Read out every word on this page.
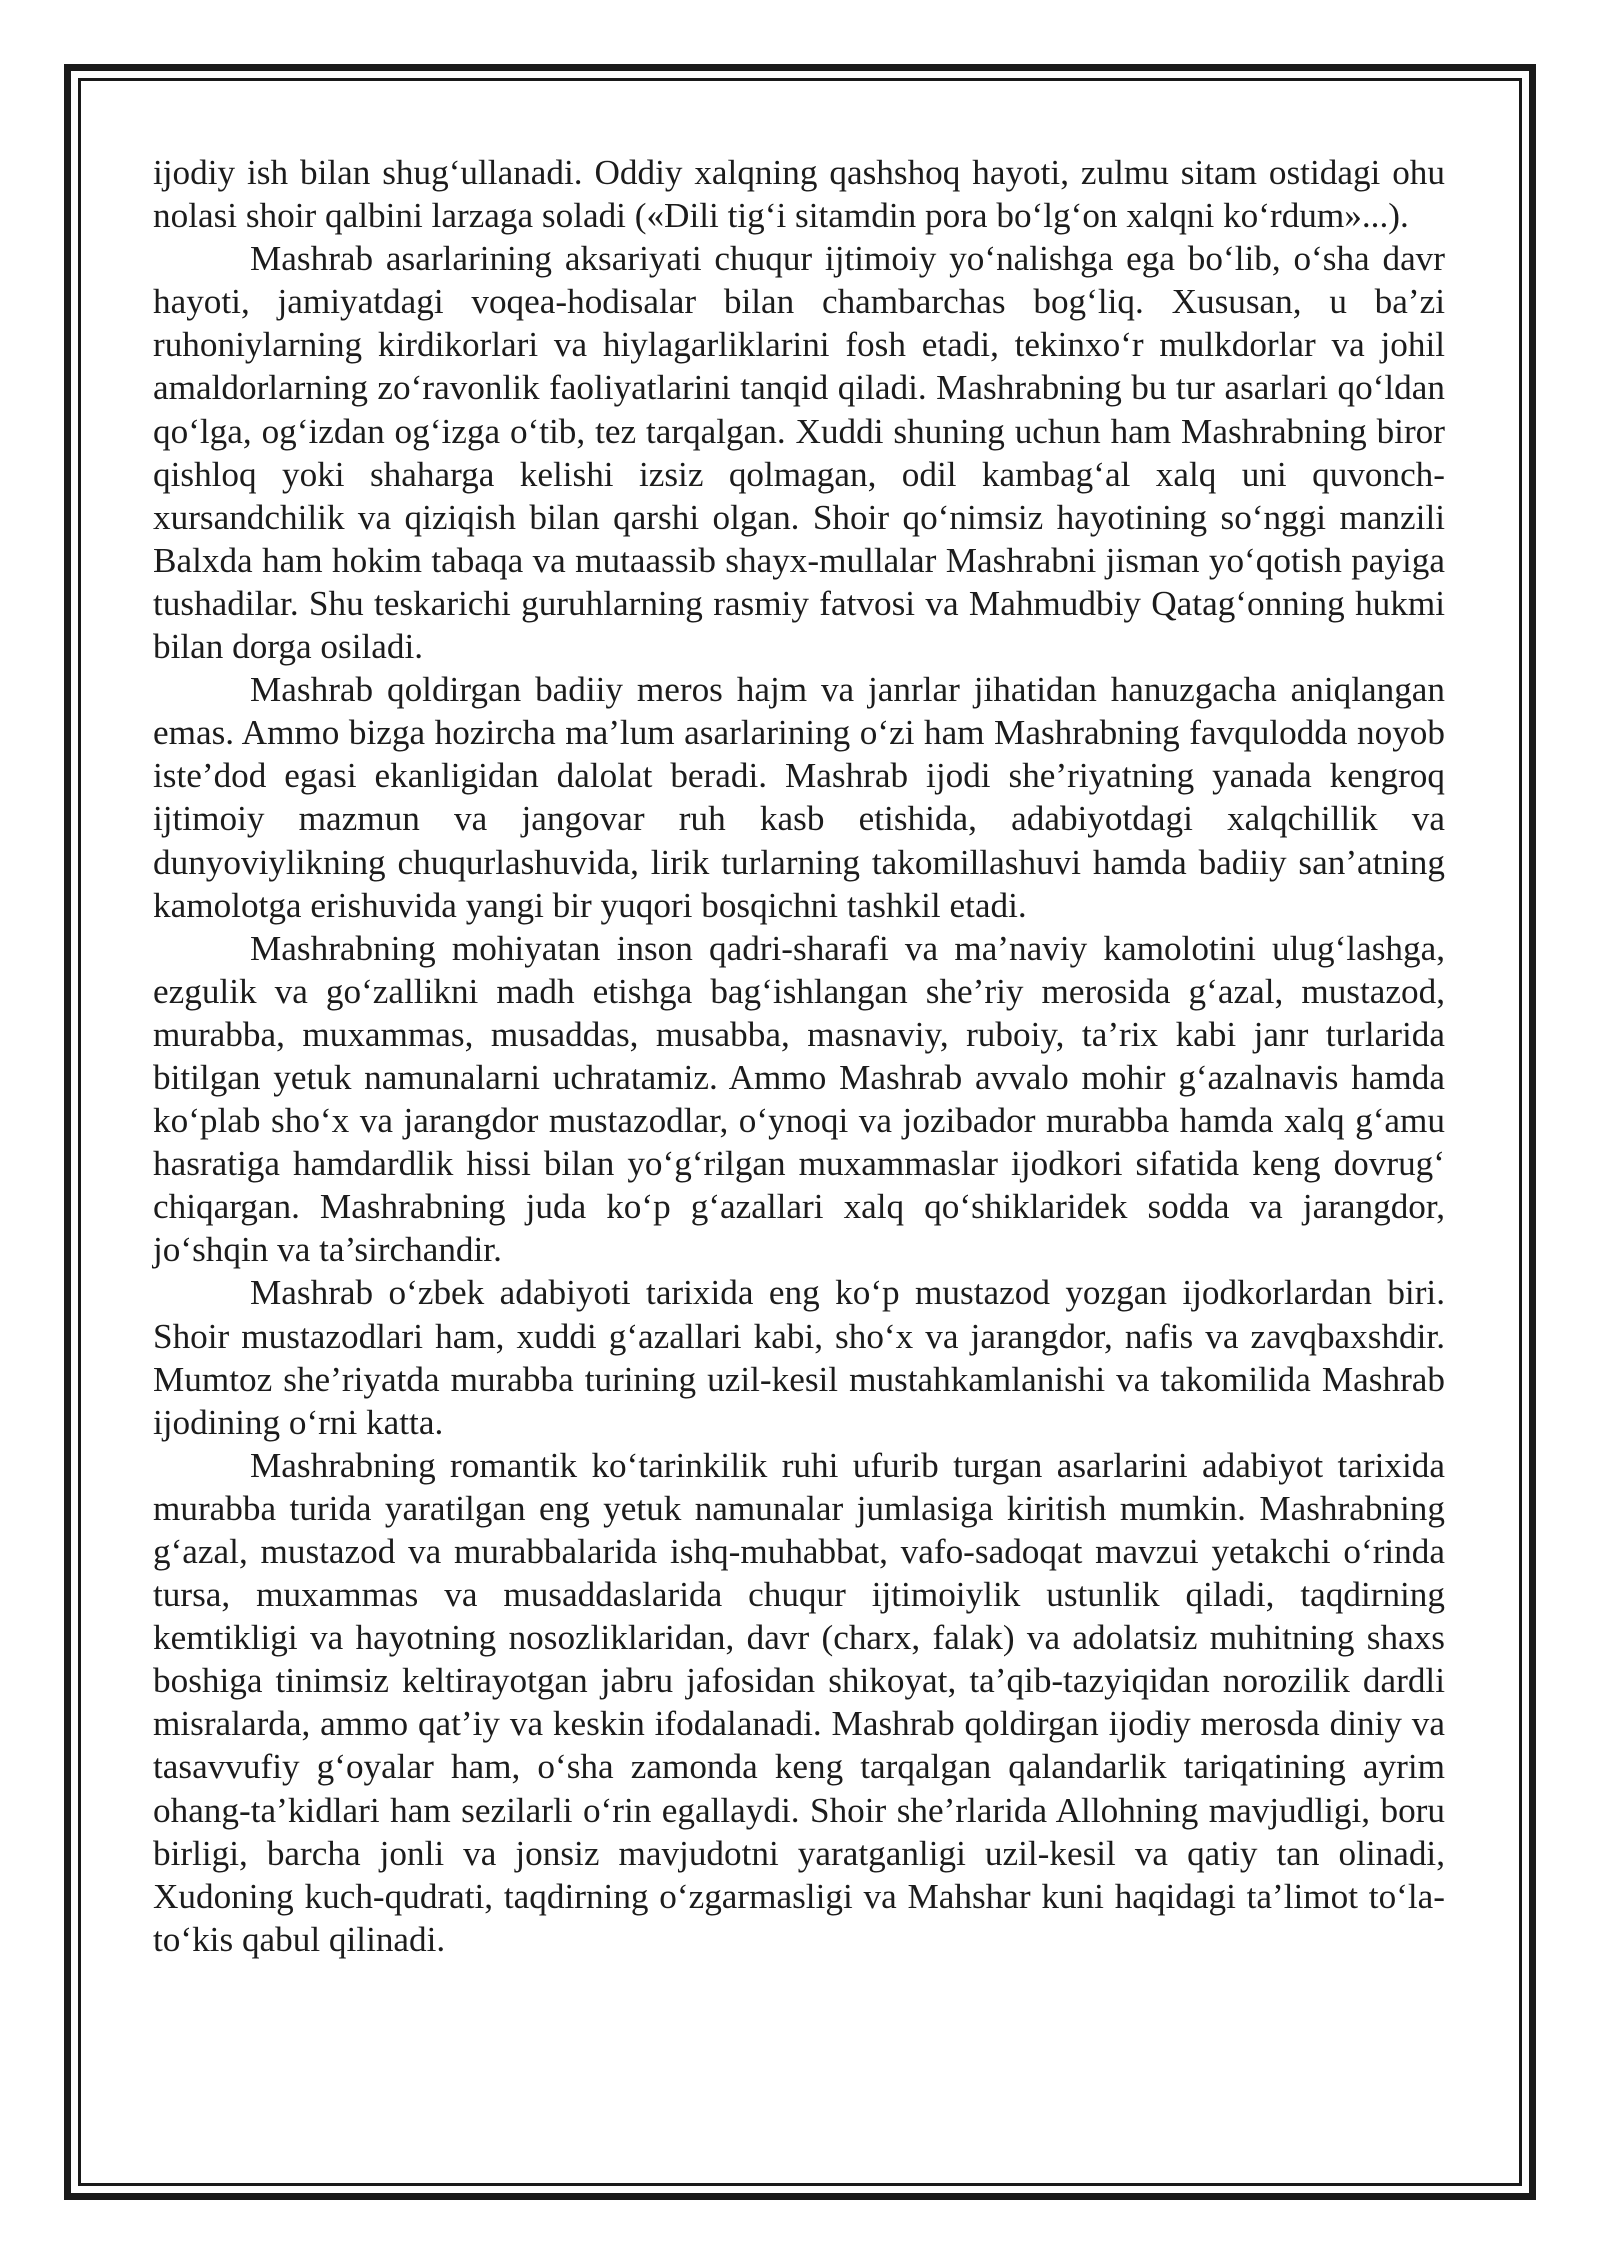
ijodiy ish bilan shug‘ullanadi. Oddiy xalqning qashshoq hayoti, zulmu sitam ostidagi ohu nolasi shoir qalbini larzaga soladi («Dili tig‘i sitamdin pora bo‘lg‘on xalqni ko‘rdum»...).

Mashrab asarlarining aksariyati chuqur ijtimoiy yo‘nalishga ega bo‘lib, o‘sha davr hayoti, jamiyatdagi voqea-hodisalar bilan chambarchas bog‘liq. Xususan, u ba’zi ruhoniylarning kirdikorlari va hiylagarliklarini fosh etadi, tekinxo‘r mulkdorlar va johil amaldorlarning zo‘ravonlik faoliyatlarini tanqid qiladi. Mashrabning bu tur asarlari qo‘ldan qo‘lga, og‘izdan og‘izga o‘tib, tez tarqalgan. Xuddi shuning uchun ham Mashrabning biror qishloq yoki shaharga kelishi izsiz qolmagan, odil kambag‘al xalq uni quvonch-xursandchilik va qiziqish bilan qarshi olgan. Shoir qo‘nimsiz hayotining so‘nggi manzili Balxda ham hokim tabaqa va mutaassib shayx-mullalar Mashrabni jisman yo‘qotish payiga tushadilar. Shu teskarichi guruhlarning rasmiy fatvosi va Mahmudbiy Qatag‘onning hukmi bilan dorga osiladi.

Mashrab qoldirgan badiiy meros hajm va janrlar jihatidan hanuzgacha aniqlangan emas. Ammo bizga hozircha ma’lum asarlarining o‘zi ham Mashrabning favqulodda noyob iste’dod egasi ekanligidan dalolat beradi. Mashrab ijodi she’riyatning yanada kengroq ijtimoiy mazmun va jangovar ruh kasb etishida, adabiyotdagi xalqchillik va dunyoviylikning chuqurlashuvida, lirik turlarning takomillashuvi hamda badiiy san’atning kamolotga erishuvida yangi bir yuqori bosqichni tashkil etadi.

Mashrabning mohiyatan inson qadri-sharafi va ma’naviy kamolotini ulug‘lashga, ezgulik va go‘zallikni madh etishga bag‘ishlangan she’riy merosida g‘azal, mustazod, murabba, muxammas, musaddas, musabba, masnaviy, ruboiy, ta’rix kabi janr turlarida bitilgan yetuk namunalarni uchratamiz. Ammo Mashrab avvalo mohir g‘azalnavis hamda ko‘plab sho‘x va jarangdor mustazodlar, o‘ynoqi va jozibador murabba hamda xalq g‘amu hasratiga hamdardlik hissi bilan yo‘g‘rilgan muxammaslar ijodkori sifatida keng dovrug‘ chiqargan. Mashrabning juda ko‘p g‘azallari xalq qo‘shiklaridek sodda va jarangdor, jo‘shqin va ta’sirchandir.

Mashrab o‘zbek adabiyoti tarixida eng ko‘p mustazod yozgan ijodkorlardan biri. Shoir mustazodlari ham, xuddi g‘azallari kabi, sho‘x va jarangdor, nafis va zavqbaxshdir. Mumtoz she’riyatda murabba turining uzil-kesil mustahkamlanishi va takomilida Mashrab ijodining o‘rni katta.

Mashrabning romantik ko‘tarinkilik ruhi ufurib turgan asarlarini adabiyot tarixida murabba turida yaratilgan eng yetuk namunalar jumlasiga kiritish mumkin. Mashrabning g‘azal, mustazod va murabbalarida ishq-muhabbat, vafo-sadoqat mavzui yetakchi o‘rinda tursa, muxammas va musaddaslarida chuqur ijtimoiylik ustunlik qiladi, taqdirning kemtikligi va hayotning nosozliklaridan, davr (charx, falak) va adolatsiz muhitning shaxs boshiga tinimsiz keltirayotgan jabru jafosidan shikoyat, ta’qib-tazyiqidan norozilik dardli misralarda, ammo qat’iy va keskin ifodalanadi. Mashrab qoldirgan ijodiy merosda diniy va tasavvufiy g‘oyalar ham, o‘sha zamonda keng tarqalgan qalandarlik tariqatining ayrim ohang-ta’kidlari ham sezilarli o‘rin egallaydi. Shoir she’rlarida Allohning mavjudligi, boru birligi, barcha jonli va jonsiz mavjudotni yaratganligi uzil-kesil va qatiy tan olinadi, Xudoning kuch-qudrati, taqdirning o‘zgarmasligi va Mahshar kuni haqidagi ta’limot to‘la-to‘kis qabul qilinadi.
